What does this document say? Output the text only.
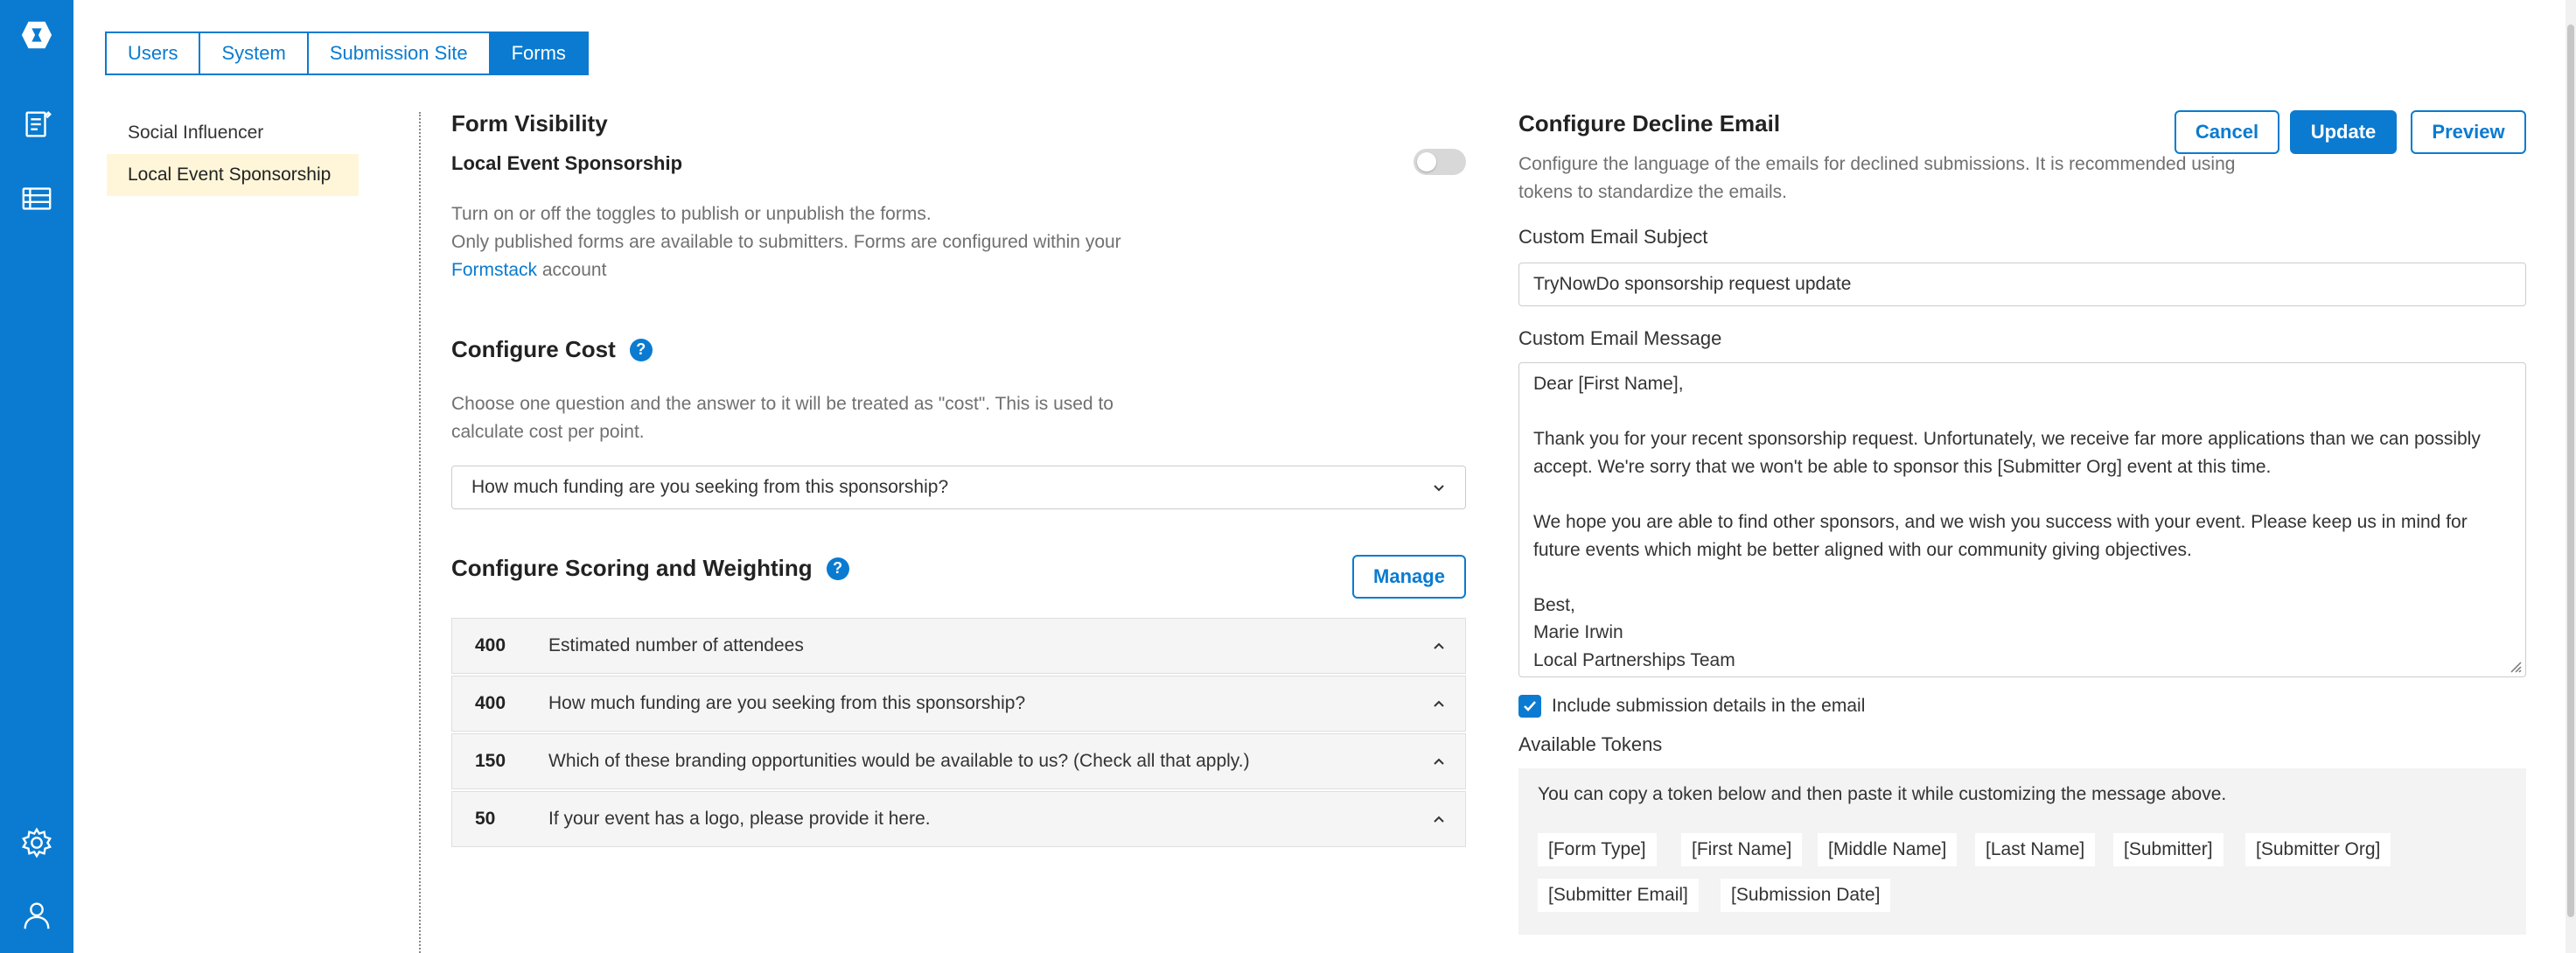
Users	System	Submission Site	Forms
Social Influencer
Local Event Sponsorship
Form Visibility
Local Event Sponsorship
Turn on or off the toggles to publish or unpublish the forms.
Only published forms are available to submitters. Forms are configured within your
Formstack account
Configure Cost	?
Choose one question and the answer to it will be treated as "cost". This is used to
calculate cost per point.
How much funding are you seeking from this sponsorship?
Configure Scoring and Weighting	?	Manage
400	Estimated number of attendees
400	How much funding are you seeking from this sponsorship?
150	Which of these branding opportunities would be available to us? (Check all that apply.)
50	If your event has a logo, please provide it here.
Configure Decline Email
Configure the language of the emails for declined submissions. It is recommended using
tokens to standardize the emails.
Cancel	Update	Preview
Custom Email Subject
TryNowDo sponsorship request update
Custom Email Message
Dear [First Name],
Thank you for your recent sponsorship request. Unfortunately, we receive far more applications than we can possibly
accept. We're sorry that we won't be able to sponsor this [Submitter Org] event at this time.
We hope you are able to find other sponsors, and we wish you success with your event. Please keep us in mind for
future events which might be better aligned with our community giving objectives.
Best,
Marie Irwin
Local Partnerships Team
Include submission details in the email
Available Tokens
You can copy a token below and then paste it while customizing the message above.
[Form Type]	[First Name]	[Middle Name]	[Last Name]	[Submitter]	[Submitter Org]
[Submitter Email]	[Submission Date]
